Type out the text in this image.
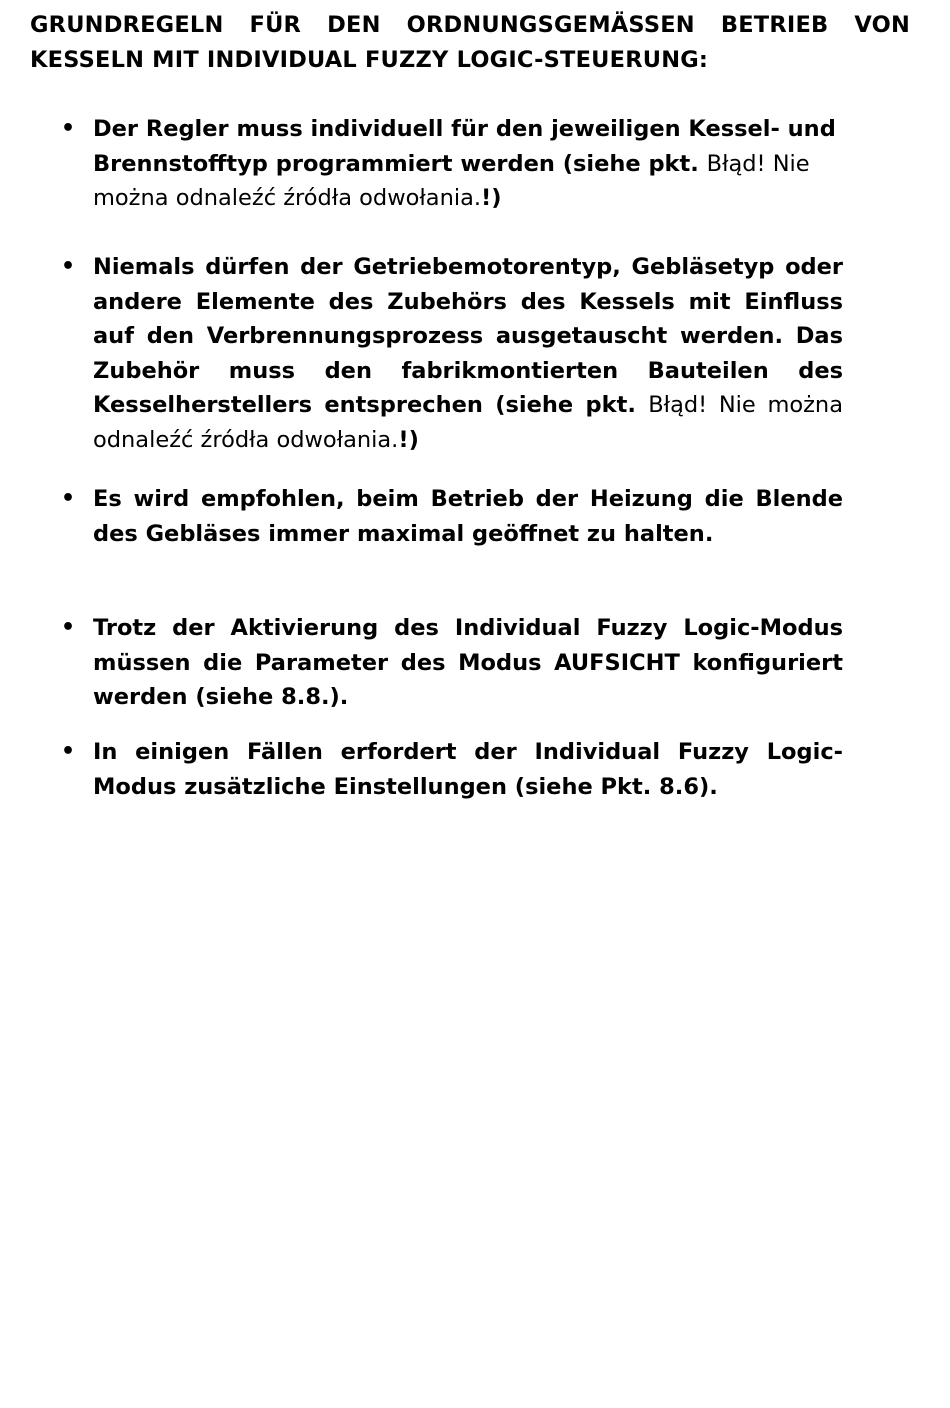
GRUNDREGELN FÜR DEN ORDNUNGSGEMÄSSEN BETRIEB VON KESSELN MIT INDIVIDUAL FUZZY LOGIC-STEUERUNG:
• Der Regler muss individuell für den jeweiligen Kessel- und Brennstofftyp programmiert werden (siehe pkt. Błąd! Nie można odnaleźć źródła odwołania.!)
• Niemals dürfen der Getriebemotorentyp, Gebläsetyp oder andere Elemente des Zubehörs des Kessels mit Einfluss auf den Verbrennungsprozess ausgetauscht werden. Das Zubehör muss den fabrikmontierten Bauteilen des Kesselherstellers entsprechen (siehe pkt. Błąd! Nie można odnaleźć źródła odwołania.!)
• Es wird empfohlen, beim Betrieb der Heizung die Blende des Gebläses immer maximal geöffnet zu halten.
• Trotz der Aktivierung des Individual Fuzzy Logic-Modus müssen die Parameter des Modus AUFSICHT konfiguriert werden (siehe 8.8.).
• In einigen Fällen erfordert der Individual Fuzzy Logic-Modus zusätzliche Einstellungen (siehe Pkt. 8.6).
